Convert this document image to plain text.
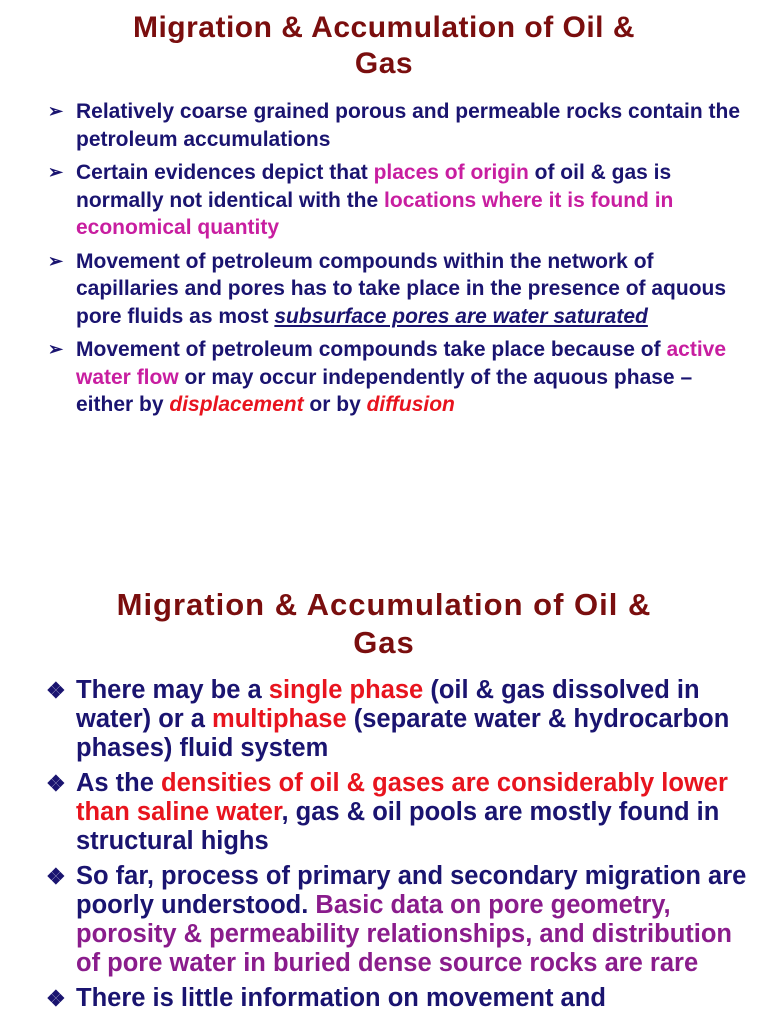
Migration & Accumulation of Oil &
Gas
➢ Relatively coarse grained porous and permeable rocks contain the petroleum accumulations
➢ Certain evidences depict that places of origin of oil & gas is normally not identical with the locations where it is found in economical quantity
➢ Movement of petroleum compounds within the network of capillaries and pores has to take place in the presence of aquous pore fluids as most subsurface pores are water saturated
➢ Movement of petroleum compounds take place because of active water flow or may occur independently of the aquous phase – either by displacement or by diffusion
Migration & Accumulation of Oil &
Gas
❖ There may be a single phase (oil & gas dissolved in water) or a multiphase (separate water & hydrocarbon phases) fluid system
❖ As the densities of oil & gases are considerably lower than saline water, gas & oil pools are mostly found in structural highs
❖ So far, process of primary and secondary migration are poorly understood. Basic data on pore geometry, porosity & permeability relationships, and distribution of pore water in buried dense source rocks are rare
❖ There is little information on movement and
